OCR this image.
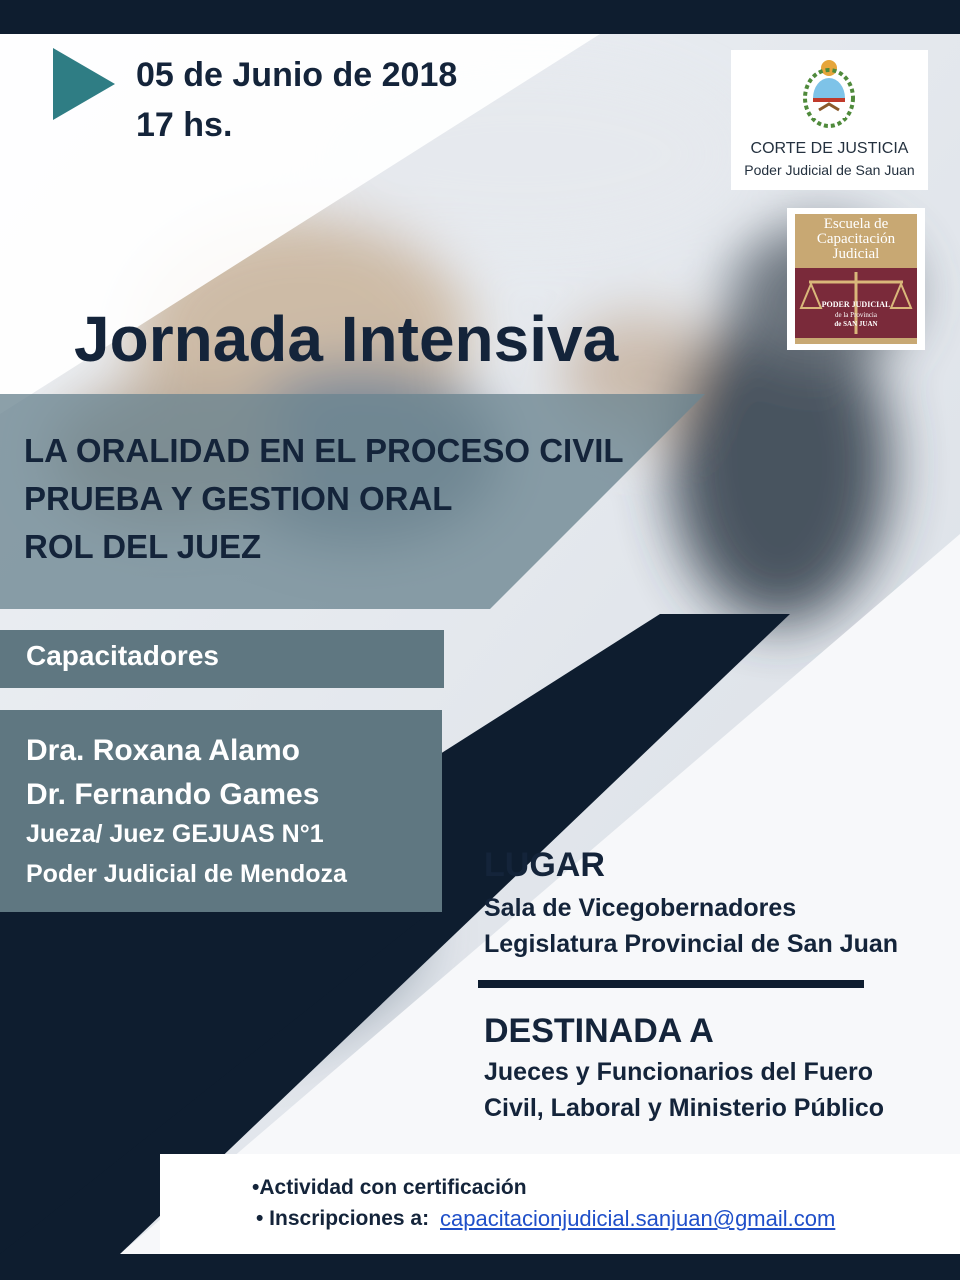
05 de Junio de 2018
17 hs.
CORTE DE JUSTICIA
Poder Judicial de San Juan
Escuela de
Capacitación
Judicial
PODER JUDICIAL
de la Provincia
de SAN JUAN
Jornada Intensiva
LA ORALIDAD EN EL PROCESO CIVIL
PRUEBA Y GESTION ORAL
ROL DEL JUEZ
Capacitadores
Dra. Roxana Alamo
Dr. Fernando Games
Jueza/ Juez GEJUAS N°1
Poder Judicial de Mendoza	LUGAR
Sala de Vicegobernadores
Legislatura Provincial de San Juan
DESTINADA A
Jueces y Funcionarios del Fuero
Civil, Laboral y Ministerio Público
•Actividad con certificación
• Inscripciones a: capacitacionjudicial.sanjuan@gmail.com
